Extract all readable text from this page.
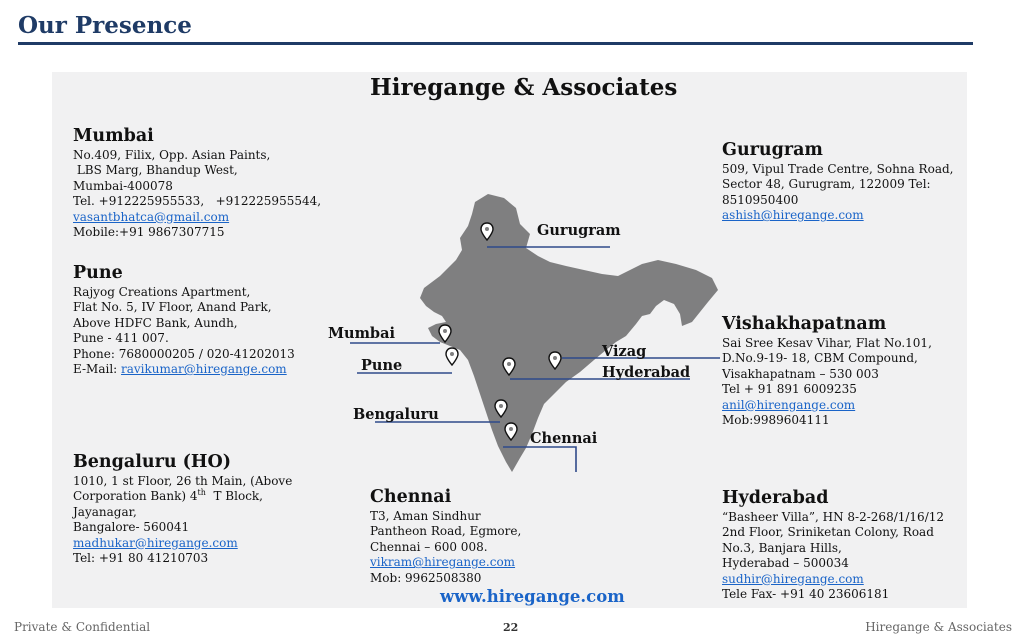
Our Presence
Hiregange & Associates
Mumbai
No.409, Filix, Opp. Asian Paints,
LBS Marg, Bhandup West,
Mumbai-400078
Tel. +912225955533,   +912225955544,
vasantbhatca@gmail.com
Mobile:+91 9867307715
Pune
Rajyog Creations Apartment,
Flat No. 5, IV Floor, Anand Park,
Above HDFC Bank, Aundh,
Pune - 411 007.
Phone: 7680000205 / 020-41202013
E-Mail: ravikumar@hiregange.com
Bengaluru (HO)
1010, 1 st Floor, 26 th Main, (Above
Corporation Bank) 4th  T Block,
Jayanagar,
Bangalore- 560041
madhukar@hiregange.com
Tel: +91 80 41210703
Gurugram
509, Vipul Trade Centre, Sohna Road,
Sector 48, Gurugram, 122009 Tel:
8510950400
ashish@hiregange.com
Vishakhapatnam
Sai Sree Kesav Vihar, Flat No.101,
D.No.9-19- 18, CBM Compound,
Visakhapatnam – 530 003
Tel + 91 891 6009235
anil@hirengange.com
Mob:9989604111
Chennai
T3, Aman Sindhur
Pantheon Road, Egmore,
Chennai – 600 008.
vikram@hiregange.com
Mob: 9962508380
Hyderabad
“Basheer Villa”, HN 8-2-268/1/16/12
2nd Floor, Sriniketan Colony, Road
No.3, Banjara Hills,
Hyderabad – 500034
sudhir@hiregange.com
Tele Fax- +91 40 23606181
Gurugram
Mumbai
Pune
Vizag
Hyderabad
Bengaluru
Chennai
www.hiregange.com
Private & Confidential	22	Hiregange & Associates
